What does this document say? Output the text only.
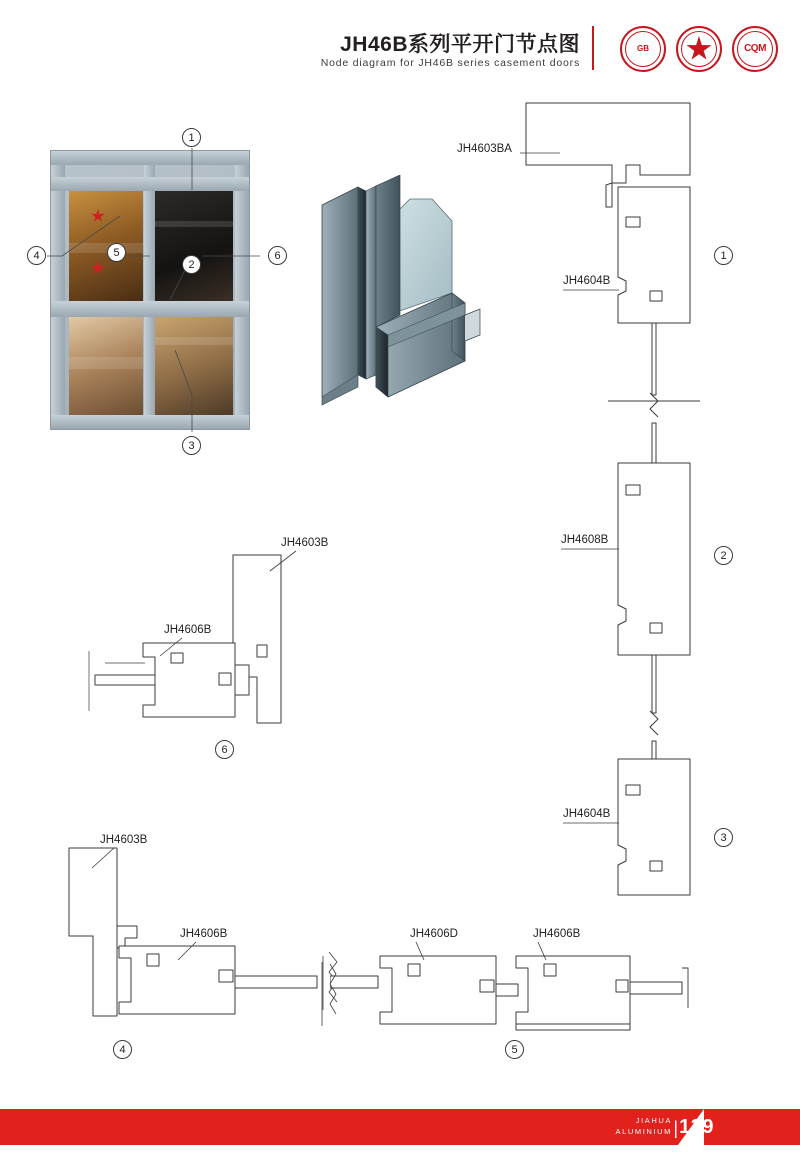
JH46B系列平开门节点图
Node diagram for JH46B series casement doors
GB	CQM
1
2
3
4	5	6
JH4603BA
JH4604B
JH4608B
JH4604B
1
2
3
JH4603B
JH4606B
6
JH4603B
JH4606B
4
JH4606D	JH4606B
5
JIAHUA
ALUMINIUM | 139
